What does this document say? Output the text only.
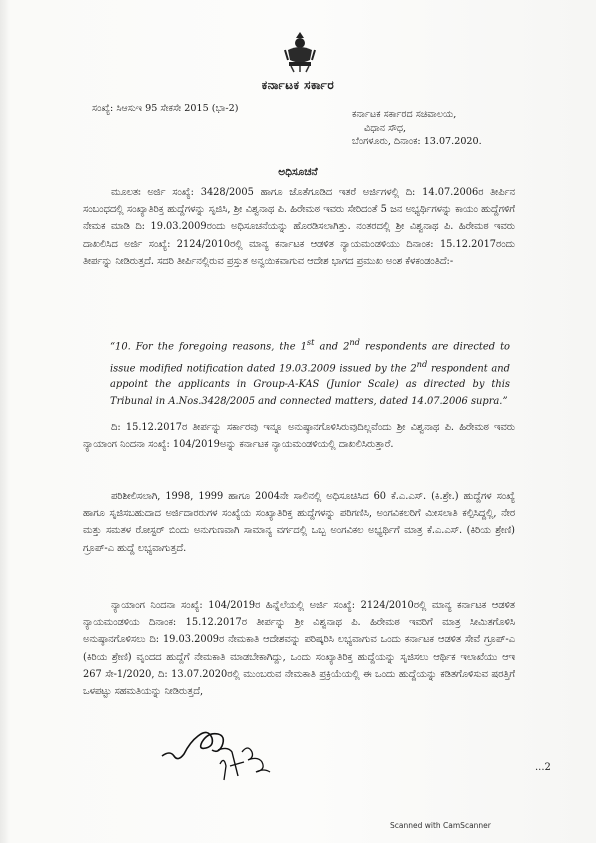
ಕರ್ನಾಟಕ ಸರ್ಕಾರ
ಸಂಖ್ಯೆ: ಸಿಆಸುಇ 95 ಸೇಕಸೇ 2015 (ಭಾ-2)
ಕರ್ನಾಟಕ ಸರ್ಕಾರದ ಸಚಿವಾಲಯ,
ವಿಧಾನ ಸೌಧ,
ಬೆಂಗಳೂರು, ದಿನಾಂಕ: 13.07.2020.
ಅಧಿಸೂಚನೆ
ಮೂಲತಃ ಅರ್ಜಿ ಸಂಖ್ಯೆ: 3428/2005 ಹಾಗೂ ಜೊತೆಗೂಡಿದ ಇತರೆ ಅರ್ಜಿಗಳಲ್ಲಿ ದಿ: 14.07.2006ರ ತೀರ್ಪಿನ ಸಂಬಂಧದಲ್ಲಿ ಸಂಖ್ಯಾತಿರಿಕ್ತ ಹುದ್ದೆಗಳನ್ನು ಸೃಜಿಸಿ, ಶ್ರೀ ವಿಶ್ವನಾಥ ಪಿ. ಹಿರೇಮಠ ಇವರು ಸೇರಿದಂತೆ 5 ಜನ ಅಭ್ಯರ್ಥಿಗಳನ್ನು ಕಾಯಂ ಹುದ್ದೆಗಳಿಗೆ ನೇಮಕ ಮಾಡಿ ದಿ: 19.03.2009ರಂದು ಅಧಿಸೂಚನೆಯನ್ನು ಹೊರಡಿಸಲಾಗಿತ್ತು. ನಂತರದಲ್ಲಿ ಶ್ರೀ ವಿಶ್ವನಾಥ ಪಿ. ಹಿರೇಮಠ ಇವರು ದಾಖಲಿಸಿದ ಅರ್ಜಿ ಸಂಖ್ಯೆ: 2124/2010ರಲ್ಲಿ ಮಾನ್ಯ ಕರ್ನಾಟಕ ಆಡಳಿತ ನ್ಯಾಯಮಂಡಳಿಯು ದಿನಾಂಕ: 15.12.2017ರಂದು ತೀರ್ಪನ್ನು ನೀಡಿರುತ್ತದೆ. ಸದರಿ ತೀರ್ಪಿನಲ್ಲಿರುವ ಪ್ರಸ್ತುತ ಅನ್ವಯಿಕವಾಗುವ ಆದೇಶ ಭಾಗದ ಪ್ರಮುಖ ಅಂಶ ಕೆಳಕಂಡಂತಿದೆ:-
“10. For the foregoing reasons, the 1st and 2nd respondents are directed to issue modified notification dated 19.03.2009 issued by the 2nd respondent and appoint the applicants in Group-A-KAS (Junior Scale) as directed by this Tribunal in A.Nos.3428/2005 and connected matters, dated 14.07.2006 supra.”
ದಿ: 15.12.2017ರ ತೀರ್ಪನ್ನು ಸರ್ಕಾರವು ಇನ್ನೂ ಅನುಷ್ಠಾನಗೊಳಿಸಿರುವುದಿಲ್ಲವೆಂದು ಶ್ರೀ ವಿಶ್ವನಾಥ ಪಿ. ಹಿರೇಮಠ ಇವರು ನ್ಯಾಯಾಂಗ ನಿಂದನಾ ಸಂಖ್ಯೆ: 104/2019ಅನ್ನು ಕರ್ನಾಟಕ ನ್ಯಾಯಮಂಡಳಿಯಲ್ಲಿ ದಾಖಲಿಸಿರುತ್ತಾರೆ.
ಪರಿಶೀಲಿಸಲಾಗಿ, 1998, 1999 ಹಾಗೂ 2004ನೇ ಸಾಲಿನಲ್ಲಿ ಅಧಿಸೂಚಿಸಿದ 60 ಕೆ.ಎ.ಎಸ್. (ಕಿ.ಶ್ರೇ.) ಹುದ್ದೆಗಳ ಸಂಖ್ಯೆ ಹಾಗೂ ಸೃಜಿಸಬಹುದಾದ ಅರ್ಜಿದಾರರುಗಳ ಸಂಖ್ಯೆಯ ಸಂಖ್ಯಾತಿರಿಕ್ತ ಹುದ್ದೆಗಳನ್ನು ಪರಿಗಣಿಸಿ, ಅಂಗವಿಕಲರಿಗೆ ಮೀಸಲಾತಿ ಕಲ್ಪಿಸಿದ್ದಲ್ಲಿ, ನೇರ ಮತ್ತು ಸಮತಳ ರೋಸ್ಟರ್ ಬಿಂದು ಅನುಗುಣವಾಗಿ ಸಾಮಾನ್ಯ ವರ್ಗದಲ್ಲಿ ಒಬ್ಬ ಅಂಗವಿಕಲ ಅಭ್ಯರ್ಥಿಗೆ ಮಾತ್ರ ಕೆ.ಎ.ಎಸ್. (ಕಿರಿಯ ಶ್ರೇಣಿ) ಗ್ರೂಪ್-ಎ ಹುದ್ದೆ ಲಭ್ಯವಾಗುತ್ತದೆ.
ನ್ಯಾಯಾಂಗ ನಿಂದನಾ ಸಂಖ್ಯೆ: 104/2019ರ ಹಿನ್ನೆಲೆಯಲ್ಲಿ ಅರ್ಜಿ ಸಂಖ್ಯೆ: 2124/2010ರಲ್ಲಿ ಮಾನ್ಯ ಕರ್ನಾಟಕ ಆಡಳಿತ ನ್ಯಾಯಮಂಡಳಿಯ ದಿನಾಂಕ: 15.12.2017ರ ತೀರ್ಪನ್ನು ಶ್ರೀ ವಿಶ್ವನಾಥ ಪಿ. ಹಿರೇಮಠ ಇವರಿಗೆ ಮಾತ್ರ ಸೀಮಿತಗೊಳಿಸಿ ಅನುಷ್ಠಾನಗೊಳಿಸಲು ದಿ: 19.03.2009ರ ನೇಮಕಾತಿ ಆದೇಶವನ್ನು ಪರಿಷ್ಕರಿಸಿ ಲಭ್ಯವಾಗುವ ಒಂದು ಕರ್ನಾಟಕ ಆಡಳಿತ ಸೇವೆ ಗ್ರೂಪ್-ಎ (ಕಿರಿಯ ಶ್ರೇಣಿ) ವೃಂದದ ಹುದ್ದೆಗೆ ನೇಮಕಾತಿ ಮಾಡಬೇಕಾಗಿದ್ದು, ಒಂದು ಸಂಖ್ಯಾತಿರಿಕ್ತ ಹುದ್ದೆಯನ್ನು ಸೃಜಿಸಲು ಆರ್ಥಿಕ ಇಲಾಖೆಯು ಆಇ 267 ಸೇ-1/2020, ದಿ: 13.07.2020ರಲ್ಲಿ ಮುಂಬರುವ ನೇಮಕಾತಿ ಪ್ರಕ್ರಿಯೆಯಲ್ಲಿ ಈ ಒಂದು ಹುದ್ದೆಯನ್ನು ಕಡಿತಗೊಳಿಸುವ ಷರತ್ತಿಗೆ ಒಳಪಟ್ಟು ಸಹಮತಿಯನ್ನು ನೀಡಿರುತ್ತದೆ,
...2
Scanned with CamScanner
